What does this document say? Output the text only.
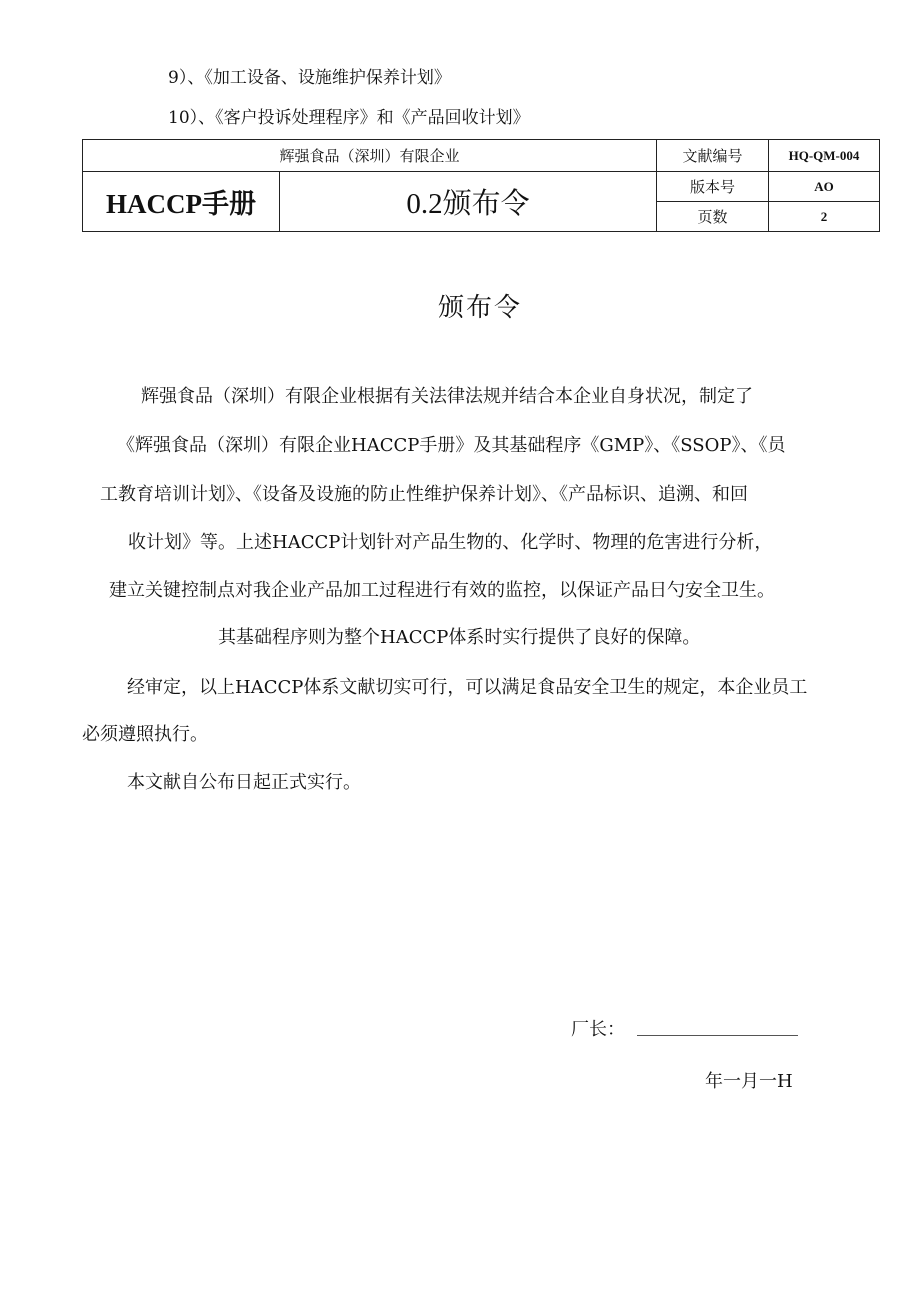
9）、《加工设备、设施维护保养计划》
10）、《客户投诉处理程序》和《产品回收计划》
辉强食品（深圳）有限企业		文献编号	HQ-QM-004
HACCP手册	0.2颁布令	版本号	AO
		页数	2
颁布令
辉强食品（深圳）有限企业根据有关法律法规并结合本企业自身状况，制定了
《辉强食品（深圳）有限企业HACCP手册》及其基础程序《GMP》、《SSOP》、《员
工教育培训计划》、《设备及设施的防止性维护保养计划》、《产品标识、追溯、和回
收计划》等。上述HACCP计划针对产品生物的、化学时、物理的危害进行分析，
建立关键控制点对我企业产品加工过程进行有效的监控，以保证产品日勺安全卫生。
其基础程序则为整个HACCP体系时实行提供了良好的保障。
经审定，以上HACCP体系文献切实可行，可以满足食品安全卫生的规定，本企业员工
必须遵照执行。
本文献自公布日起正式实行。
厂长：
年一月一H
